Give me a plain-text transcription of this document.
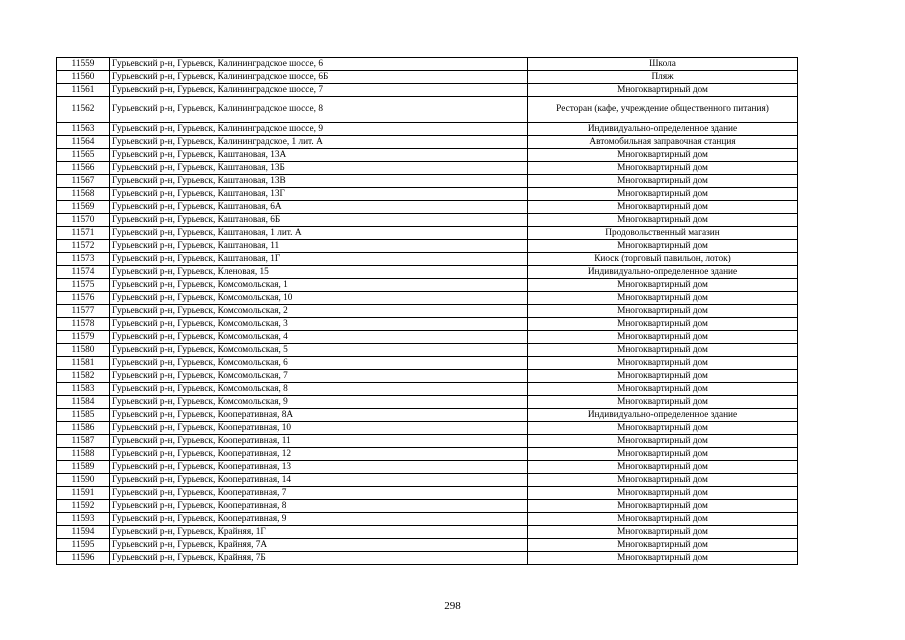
11559	Гурьевский р-н, Гурьевск, Калининградское шоссе, 6	Школа
11560	Гурьевский р-н, Гурьевск, Калининградское шоссе, 6Б	Пляж
11561	Гурьевский р-н, Гурьевск, Калининградское шоссе, 7	Многоквартирный дом
11562	Гурьевский р-н, Гурьевск, Калининградское шоссе, 8	Ресторан (кафе, учреждение общественного питания)
11563	Гурьевский р-н, Гурьевск, Калининградское шоссе, 9	Индивидуально-определенное здание
11564	Гурьевский р-н, Гурьевск, Калининградское, 1 лит. А	Автомобильная заправочная станция
11565	Гурьевский р-н, Гурьевск, Каштановая, 13А	Многоквартирный дом
11566	Гурьевский р-н, Гурьевск, Каштановая, 13Б	Многоквартирный дом
11567	Гурьевский р-н, Гурьевск, Каштановая, 13В	Многоквартирный дом
11568	Гурьевский р-н, Гурьевск, Каштановая, 13Г	Многоквартирный дом
11569	Гурьевский р-н, Гурьевск, Каштановая, 6А	Многоквартирный дом
11570	Гурьевский р-н, Гурьевск, Каштановая, 6Б	Многоквартирный дом
11571	Гурьевский р-н, Гурьевск, Каштановая, 1 лит. А	Продовольственный магазин
11572	Гурьевский р-н, Гурьевск, Каштановая, 11	Многоквартирный дом
11573	Гурьевский р-н, Гурьевск, Каштановая, 1Г	Киоск (торговый павильон, лоток)
11574	Гурьевский р-н, Гурьевск, Кленовая, 15	Индивидуально-определенное здание
11575	Гурьевский р-н, Гурьевск, Комсомольская, 1	Многоквартирный дом
11576	Гурьевский р-н, Гурьевск, Комсомольская, 10	Многоквартирный дом
11577	Гурьевский р-н, Гурьевск, Комсомольская, 2	Многоквартирный дом
11578	Гурьевский р-н, Гурьевск, Комсомольская, 3	Многоквартирный дом
11579	Гурьевский р-н, Гурьевск, Комсомольская, 4	Многоквартирный дом
11580	Гурьевский р-н, Гурьевск, Комсомольская, 5	Многоквартирный дом
11581	Гурьевский р-н, Гурьевск, Комсомольская, 6	Многоквартирный дом
11582	Гурьевский р-н, Гурьевск, Комсомольская, 7	Многоквартирный дом
11583	Гурьевский р-н, Гурьевск, Комсомольская, 8	Многоквартирный дом
11584	Гурьевский р-н, Гурьевск, Комсомольская, 9	Многоквартирный дом
11585	Гурьевский р-н, Гурьевск, Кооперативная, 8А	Индивидуально-определенное здание
11586	Гурьевский р-н, Гурьевск, Кооперативная, 10	Многоквартирный дом
11587	Гурьевский р-н, Гурьевск, Кооперативная, 11	Многоквартирный дом
11588	Гурьевский р-н, Гурьевск, Кооперативная, 12	Многоквартирный дом
11589	Гурьевский р-н, Гурьевск, Кооперативная, 13	Многоквартирный дом
11590	Гурьевский р-н, Гурьевск, Кооперативная, 14	Многоквартирный дом
11591	Гурьевский р-н, Гурьевск, Кооперативная, 7	Многоквартирный дом
11592	Гурьевский р-н, Гурьевск, Кооперативная, 8	Многоквартирный дом
11593	Гурьевский р-н, Гурьевск, Кооперативная, 9	Многоквартирный дом
11594	Гурьевский р-н, Гурьевск, Крайняя, 1Г	Многоквартирный дом
11595	Гурьевский р-н, Гурьевск, Крайняя, 7А	Многоквартирный дом
11596	Гурьевский р-н, Гурьевск, Крайняя, 7Б	Многоквартирный дом
298
